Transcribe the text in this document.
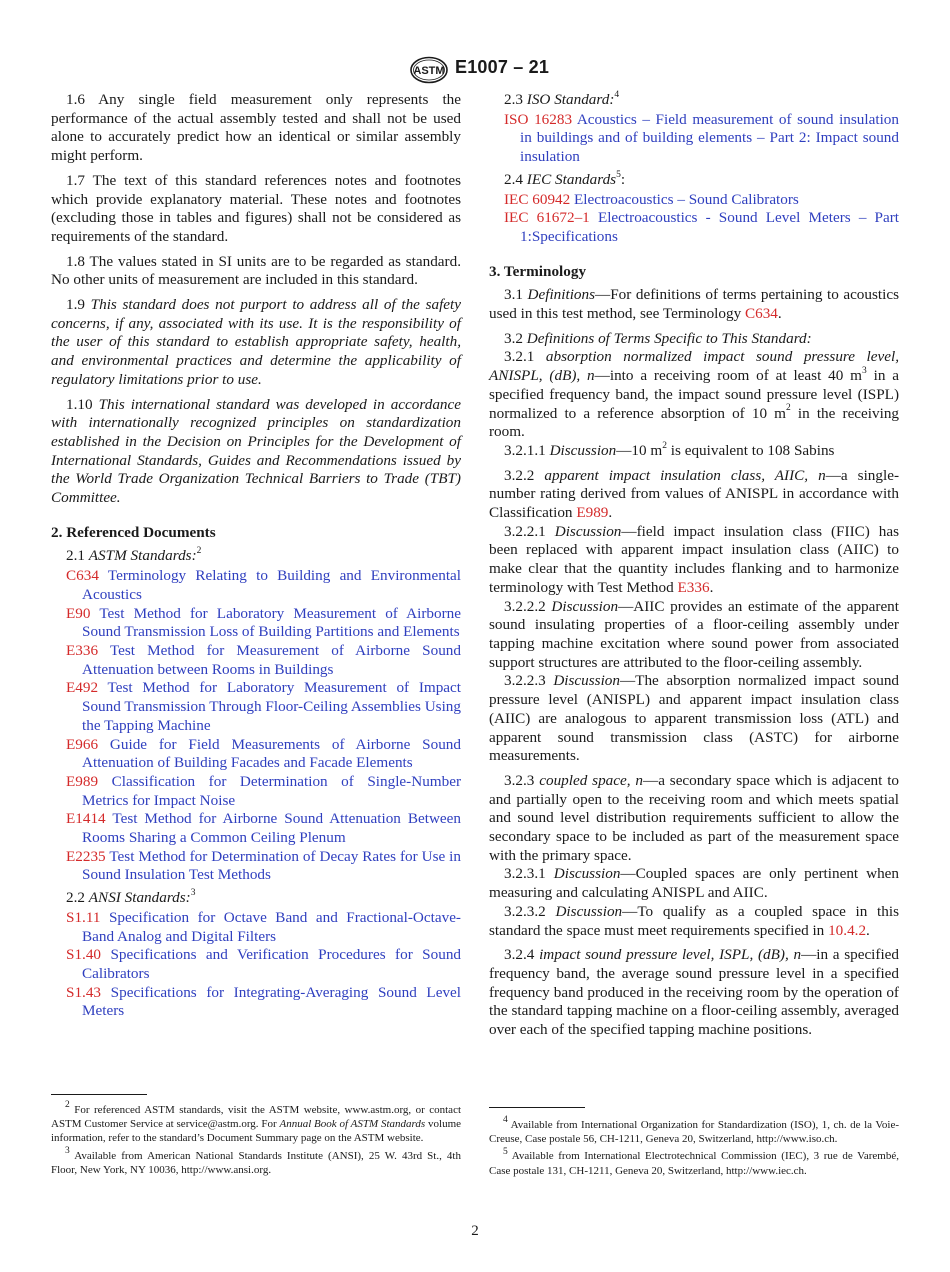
ASTM E1007 – 21

1.6 Any single field measurement only represents the performance of the actual assembly tested and shall not be used alone to accurately predict how an identical or similar assembly might perform.

1.7 The text of this standard references notes and footnotes which provide explanatory material. These notes and footnotes (excluding those in tables and figures) shall not be considered as requirements of the standard.

1.8 The values stated in SI units are to be regarded as standard. No other units of measurement are included in this standard.

1.9 This standard does not purport to address all of the safety concerns, if any, associated with its use. It is the responsibility of the user of this standard to establish appropriate safety, health, and environmental practices and determine the applicability of regulatory limitations prior to use.

1.10 This international standard was developed in accordance with internationally recognized principles on standardization established in the Decision on Principles for the Development of International Standards, Guides and Recommendations issued by the World Trade Organization Technical Barriers to Trade (TBT) Committee.

2. Referenced Documents
2.1 ASTM Standards:$^2$
C634 Terminology Relating to Building and Environmental Acoustics
E90 Test Method for Laboratory Measurement of Airborne Sound Transmission Loss of Building Partitions and Elements
E336 Test Method for Measurement of Airborne Sound Attenuation between Rooms in Buildings
E492 Test Method for Laboratory Measurement of Impact Sound Transmission Through Floor-Ceiling Assemblies Using the Tapping Machine
E966 Guide for Field Measurements of Airborne Sound Attenuation of Building Facades and Facade Elements
E989 Classification for Determination of Single-Number Metrics for Impact Noise
E1414 Test Method for Airborne Sound Attenuation Between Rooms Sharing a Common Ceiling Plenum
E2235 Test Method for Determination of Decay Rates for Use in Sound Insulation Test Methods
2.2 ANSI Standards:$^3$
S1.11 Specification for Octave Band and Fractional-Octave-Band Analog and Digital Filters
S1.40 Specifications and Verification Procedures for Sound Calibrators
S1.43 Specifications for Integrating-Averaging Sound Level Meters
2.3 ISO Standard:$^4$
ISO 16283 Acoustics – Field measurement of sound insulation in buildings and of building elements – Part 2: Impact sound insulation
2.4 IEC Standards$^5$:
IEC 60942 Electroacoustics – Sound Calibrators
IEC 61672–1 Electroacoustics - Sound Level Meters – Part 1:Specifications
3. Terminology

3.1 Definitions—For definitions of terms pertaining to acoustics used in this test method, see Terminology C634.

3.2 Definitions of Terms Specific to This Standard:

3.2.1 absorption normalized impact sound pressure level, ANISPL, (dB), n—into a receiving room of at least 40 $m^3$ in a specified frequency band, the impact sound pressure level (ISPL) normalized to a reference absorption of 10 $m^2$ in the receiving room.

3.2.1.1 Discussion—10 $m^2$ is equivalent to 108 Sabins

3.2.2 apparent impact insulation class, AIIC, n—a single-number rating derived from values of ANISPL in accordance with Classification E989.

3.2.2.1 Discussion—field impact insulation class (FIIC) has been replaced with apparent impact insulation class (AIIC) to make clear that the quantity includes flanking and to harmonize terminology with Test Method E336.

3.2.2.2 Discussion—AIIC provides an estimate of the apparent sound insulating properties of a floor-ceiling assembly under tapping machine excitation where sound power from associated support structures are attributed to the floor-ceiling assembly.

3.2.2.3 Discussion—The absorption normalized impact sound pressure level (ANISPL) and apparent impact insulation class (AIIC) are analogous to apparent transmission loss (ATL) and apparent sound transmission class (ASTC) for airborne measurements.

3.2.3 coupled space, n—a secondary space which is adjacent to and partially open to the receiving room and which meets spatial and sound level distribution requirements sufficient to allow the secondary space to be included as part of the measurement space with the primary space.

3.2.3.1 Discussion—Coupled spaces are only pertinent when measuring and calculating ANISPL and AIIC.

3.2.3.2 Discussion—To qualify as a coupled space in this standard the space must meet requirements specified in 10.4.2.

3.2.4 impact sound pressure level, ISPL, (dB), n—in a specified frequency band, the average sound pressure level in a specified frequency band produced in the receiving room by the operation of the standard tapping machine on a floor-ceiling assembly, averaged over each of the specified tapping machine positions.

$^2$ For referenced ASTM standards, visit the ASTM website, www.astm.org, or contact ASTM Customer Service at service@astm.org. For Annual Book of ASTM Standards volume information, refer to the standard’s Document Summary page on the ASTM website.

$^3$ Available from American National Standards Institute (ANSI), 25 W. 43rd St., 4th Floor, New York, NY 10036, http://www.ansi.org.

$^4$ Available from International Organization for Standardization (ISO), 1, ch. de la Voie-Creuse, Case postale 56, CH-1211, Geneva 20, Switzerland, http://www.iso.ch.

$^5$ Available from International Electrotechnical Commission (IEC), 3 rue de Varembé, Case postale 131, CH-1211, Geneva 20, Switzerland, http://www.iec.ch.

2
